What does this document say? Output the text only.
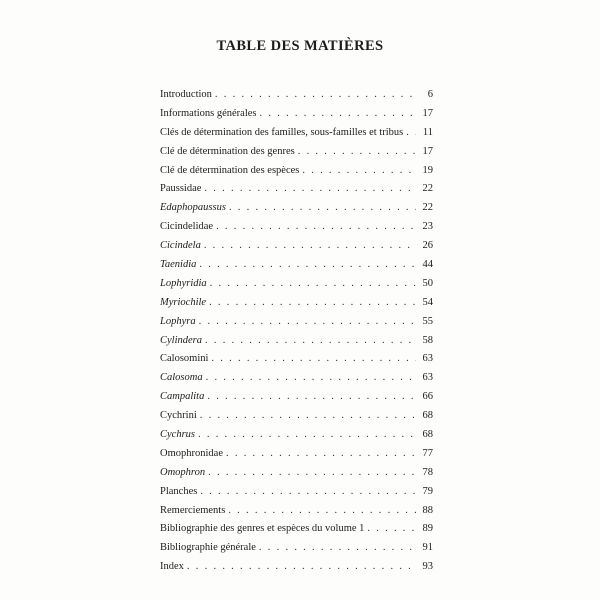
TABLE DES MATIÈRES
Introduction . . .	6
Informations générales . . .	17
Clés de détermination des familles, sous-familles et tribus . . .	11
Clé de détermination des genres . . .	17
Clé de détermination des espèces . . .	19
Paussidae . . .	22
Edaphopaussus . . .	22
Cicindelidae . . .	23
Cicindela . . .	26
Taenidia . . .	44
Lophyridia . . .	50
Myriochile . . .	54
Lophyra . . .	55
Cylindera . . .	58
Calosomini . . .	63
Calosoma . . .	63
Campalita . . .	66
Cychrini . . .	68
Cychrus . . .	68
Omophronidae . . .	77
Omophron . . .	78
Planches . . .	79
Remerciements . . .	88
Bibliographie des genres et espèces du volume 1 . . .	89
Bibliographie générale . . .	91
Index . . .	93
